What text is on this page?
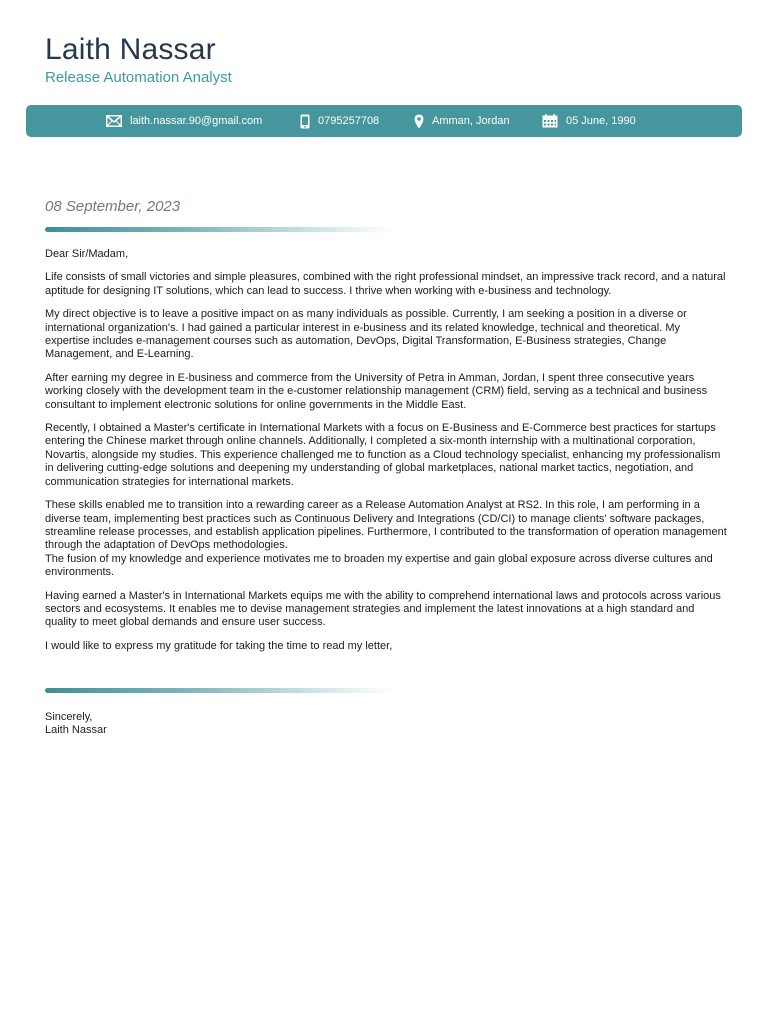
Laith Nassar
Release Automation Analyst
laith.nassar.90@gmail.com	0795257708	Amman, Jordan	05 June, 1990
08 September, 2023

Dear Sir/Madam,

Life consists of small victories and simple pleasures, combined with the right professional mindset, an impressive track record, and a natural aptitude for designing IT solutions, which can lead to success. I thrive when working with e-business and technology.

My direct objective is to leave a positive impact on as many individuals as possible. Currently, I am seeking a position in a diverse or international organization's. I had gained a particular interest in e-business and its related knowledge, technical and theoretical. My expertise includes e-management courses such as automation, DevOps, Digital Transformation, E-Business strategies, Change Management, and E-Learning.

After earning my degree in E-business and commerce from the University of Petra in Amman, Jordan, I spent three consecutive years working closely with the development team in the e-customer relationship management (CRM) field, serving as a technical and business consultant to implement electronic solutions for online governments in the Middle East.

Recently, I obtained a Master's certificate in International Markets with a focus on E-Business and E-Commerce best practices for startups entering the Chinese market through online channels. Additionally, I completed a six-month internship with a multinational corporation, Novartis, alongside my studies. This experience challenged me to function as a Cloud technology specialist, enhancing my professionalism in delivering cutting-edge solutions and deepening my understanding of global marketplaces, national market tactics, negotiation, and communication strategies for international markets.

These skills enabled me to transition into a rewarding career as a Release Automation Analyst at RS2. In this role, I am performing in a diverse team, implementing best practices such as Continuous Delivery and Integrations (CD/CI) to manage clients' software packages, streamline release processes, and establish application pipelines. Furthermore, I contributed to the transformation of operation management through the adaptation of DevOps methodologies.

The fusion of my knowledge and experience motivates me to broaden my expertise and gain global exposure across diverse cultures and environments.

Having earned a Master's in International Markets equips me with the ability to comprehend international laws and protocols across various sectors and ecosystems. It enables me to devise management strategies and implement the latest innovations at a high standard and quality to meet global demands and ensure user success.

I would like to express my gratitude for taking the time to read my letter,

Sincerely,
Laith Nassar
